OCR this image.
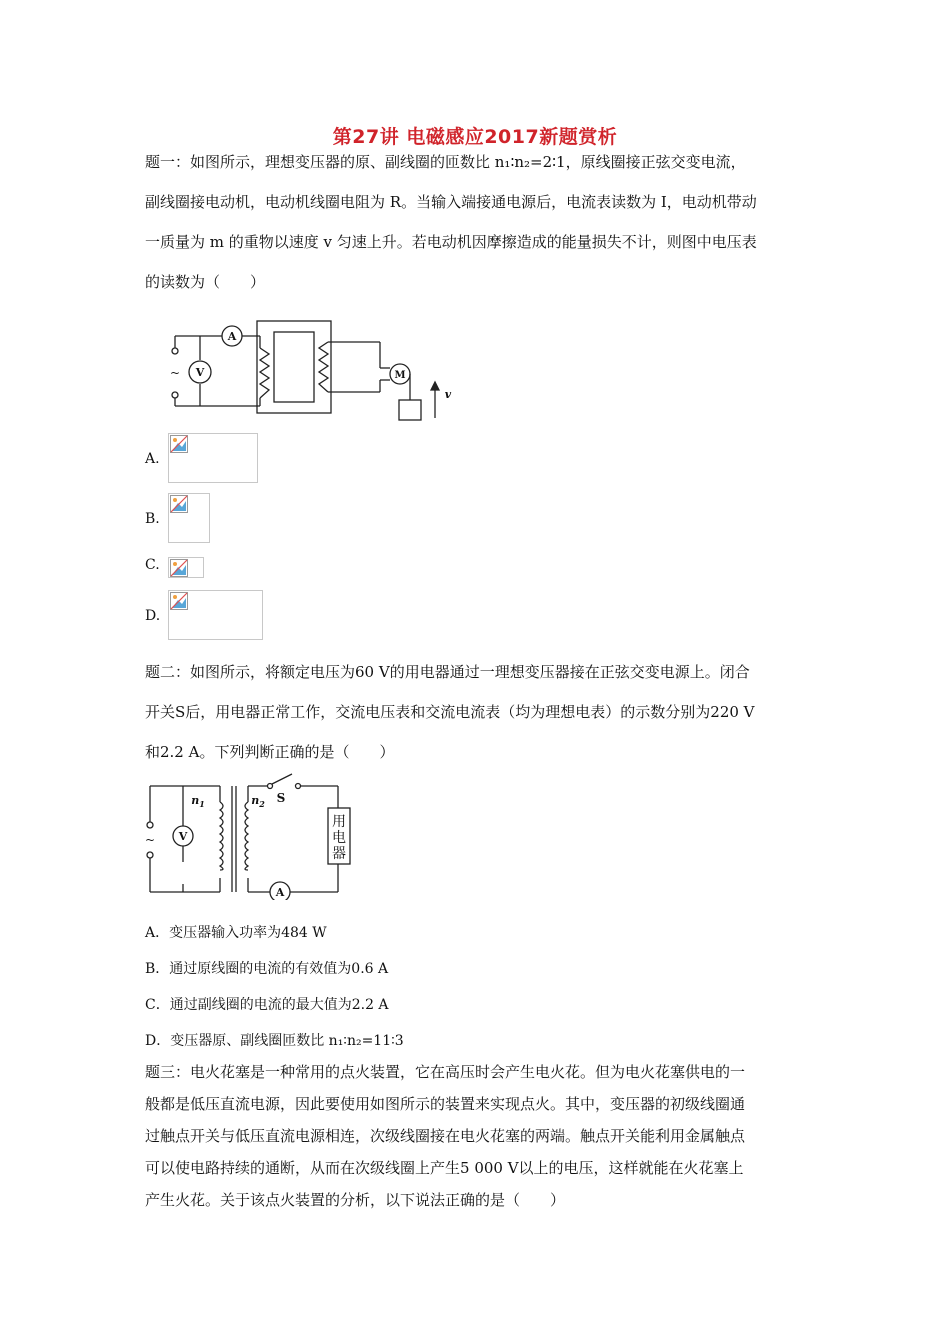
第27讲 电磁感应2017新题赏析
题一：如图所示，理想变压器的原、副线圈的匝数比 n₁∶n₂=2∶1，原线圈接正弦交变电流，
副线圈接电动机，电动机线圈电阻为 R。当输入端接通电源后，电流表读数为 I，电动机带动
一质量为 m 的重物以速度 v 匀速上升。若电动机因摩擦造成的能量损失不计，则图中电压表
的读数为（　　）
A
V	M
v
~
A.
B.
C.
D.
题二：如图所示，将额定电压为60 V的用电器通过一理想变压器接在正弦交变电源上。闭合
开关S后，用电器正常工作，交流电压表和交流电流表（均为理想电表）的示数分别为220 V
和2.2 A。下列判断正确的是（　　）
V
A
~
S
$n_1$	$n_2$
用
电
器
A．变压器输入功率为484 W
B．通过原线圈的电流的有效值为0.6 A
C．通过副线圈的电流的最大值为2.2 A
D．变压器原、副线圈匝数比 n₁∶n₂=11∶3
题三：电火花塞是一种常用的点火装置，它在高压时会产生电火花。但为电火花塞供电的一
般都是低压直流电源，因此要使用如图所示的装置来实现点火。其中，变压器的初级线圈通
过触点开关与低压直流电源相连，次级线圈接在电火花塞的两端。触点开关能利用金属触点
可以使电路持续的通断，从而在次级线圈上产生5 000 V以上的电压，这样就能在火花塞上
产生火花。关于该点火装置的分析，以下说法正确的是（　　）
